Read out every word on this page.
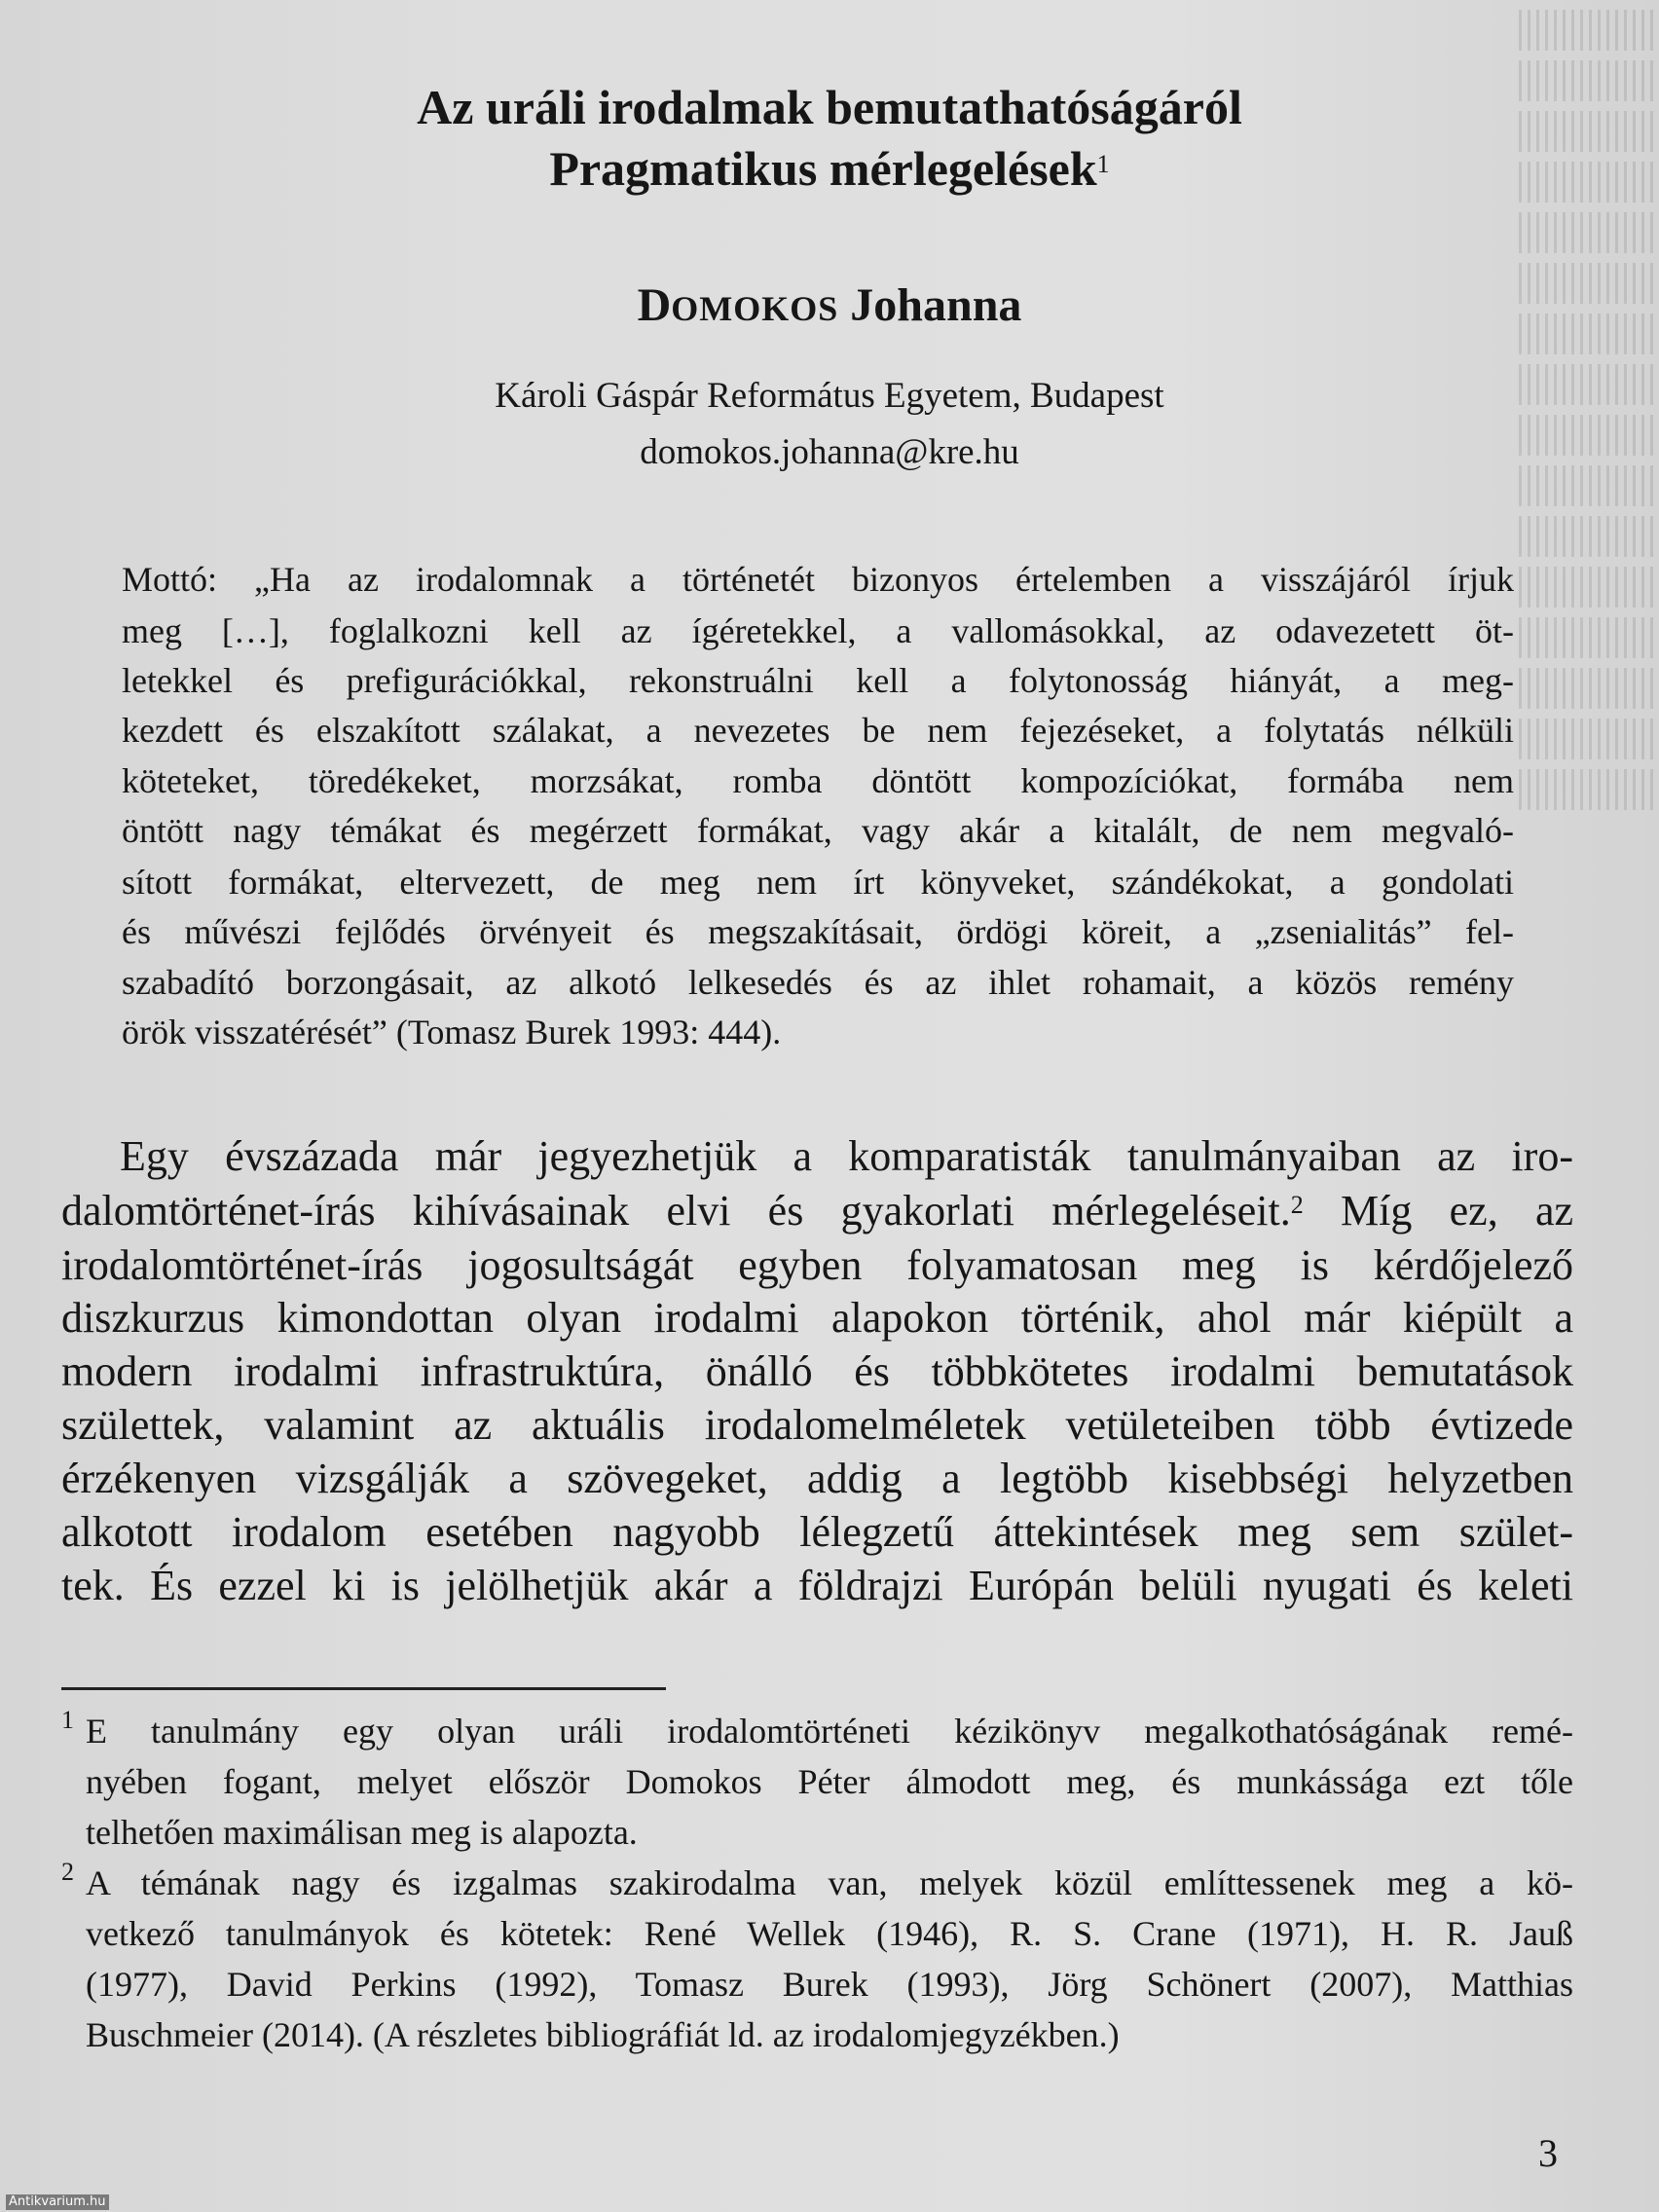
Az uráli irodalmak bemutathatóságáról
Pragmatikus mérlegelések$^1$
DOMOKOS Johanna
Károli Gáspár Református Egyetem, Budapest
domokos.johanna@kre.hu
Mottó: „Ha az irodalomnak a történetét bizonyos értelemben a visszájáról írjuk
meg […], foglalkozni kell az ígéretekkel, a vallomásokkal, az odavezetett öt-
letekkel és prefigurációkkal, rekonstruálni kell a folytonosság hiányát, a meg-
kezdett és elszakított szálakat, a nevezetes be nem fejezéseket, a folytatás nélküli
köteteket, töredékeket, morzsákat, romba döntött kompozíciókat, formába nem
öntött nagy témákat és megérzett formákat, vagy akár a kitalált, de nem megvaló-
sított formákat, eltervezett, de meg nem írt könyveket, szándékokat, a gondolati
és művészi fejlődés örvényeit és megszakításait, ördögi köreit, a „zsenialitás” fel-
szabadító borzongásait, az alkotó lelkesedés és az ihlet rohamait, a közös remény
örök visszatérését” (Tomasz Burek 1993: 444).
Egy évszázada már jegyezhetjük a komparatisták tanulmányaiban az iro-
dalomtörténet-írás kihívásainak elvi és gyakorlati mérlegeléseit.$^2$ Míg ez, az
irodalomtörténet-írás jogosultságát egyben folyamatosan meg is kérdőjelező
diszkurzus kimondottan olyan irodalmi alapokon történik, ahol már kiépült a
modern irodalmi infrastruktúra, önálló és többkötetes irodalmi bemutatások
születtek, valamint az aktuális irodalomelméletek vetületeiben több évtizede
érzékenyen vizsgálják a szövegeket, addig a legtöbb kisebbségi helyzetben
alkotott irodalom esetében nagyobb lélegzetű áttekintések meg sem szület-
tek. És ezzel ki is jelölhetjük akár a földrajzi Európán belüli nyugati és keleti
1 E tanulmány egy olyan uráli irodalomtörténeti kézikönyv megalkothatóságának remé-
nyében fogant, melyet először Domokos Péter álmodott meg, és munkássága ezt tőle
telhetően maximálisan meg is alapozta.
2 A témának nagy és izgalmas szakirodalma van, melyek közül említtessenek meg a kö-
vetkező tanulmányok és kötetek: René Wellek (1946), R. S. Crane (1971), H. R. Jauß
(1977), David Perkins (1992), Tomasz Burek (1993), Jörg Schönert (2007), Matthias
Buschmeier (2014). (A részletes bibliográfiát ld. az irodalomjegyzékben.)
3
Antikvarium.hu
